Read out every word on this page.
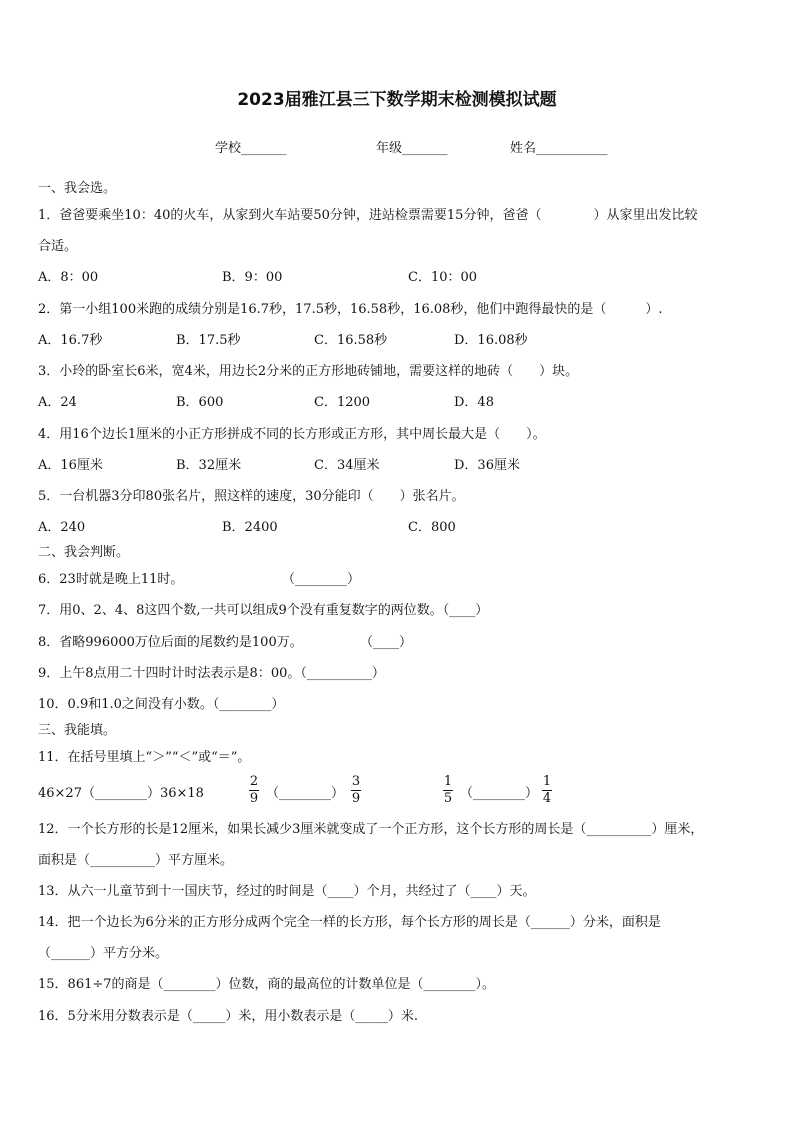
2023届雅江县三下数学期末检测模拟试题
学校_______	年级_______	姓名___________
一、我会选。
1．爸爸要乘坐10：40的火车，从家到火车站要50分钟，进站检票需要15分钟，爸爸（　　　　）从家里出发比较
合适。
A．8：00	B．9：00	C．10：00
2．第一小组100米跑的成绩分别是16.7秒，17.5秒，16.58秒，16.08秒，他们中跑得最快的是（　　　）.
A．16.7秒	B．17.5秒	C．16.58秒	D．16.08秒
3．小玲的卧室长6米，宽4米，用边长2分米的正方形地砖铺地，需要这样的地砖（　　）块。
A．24	B．600	C．1200	D．48
4．用16个边长1厘米的小正方形拼成不同的长方形或正方形，其中周长最大是（　　）。
A．16厘米	B．32厘米	C．34厘米	D．36厘米
5．一台机器3分印80张名片，照这样的速度，30分能印（　　）张名片。
A．240	B．2400	C．800
二、我会判断。
6．23时就是晚上11时。	（________）
7．用0、2、4、8这四个数,一共可以组成9个没有重复数字的两位数。（____）
8．省略996000万位后面的尾数约是100万。	（____）
9．上午8点用二十四时计时法表示是8：00。（__________）
10．0.9和1.0之间没有小数。（________）
三、我能填。
11．在括号里填上“＞”“＜”或“＝”。
46×27（________）36×18
2
9 （________）
3
9
1
5 （________）
1
4
12．一个长方形的长是12厘米，如果长减少3厘米就变成了一个正方形，这个长方形的周长是（__________）厘米，
面积是（__________）平方厘米。
13．从六一儿童节到十一国庆节，经过的时间是（____）个月，共经过了（____）天。
14．把一个边长为6分米的正方形分成两个完全一样的长方形，每个长方形的周长是（______）分米，面积是
（______）平方分米。
15．861÷7的商是（________）位数，商的最高位的计数单位是（________）。
16．5分米用分数表示是（_____）米，用小数表示是（_____）米.
